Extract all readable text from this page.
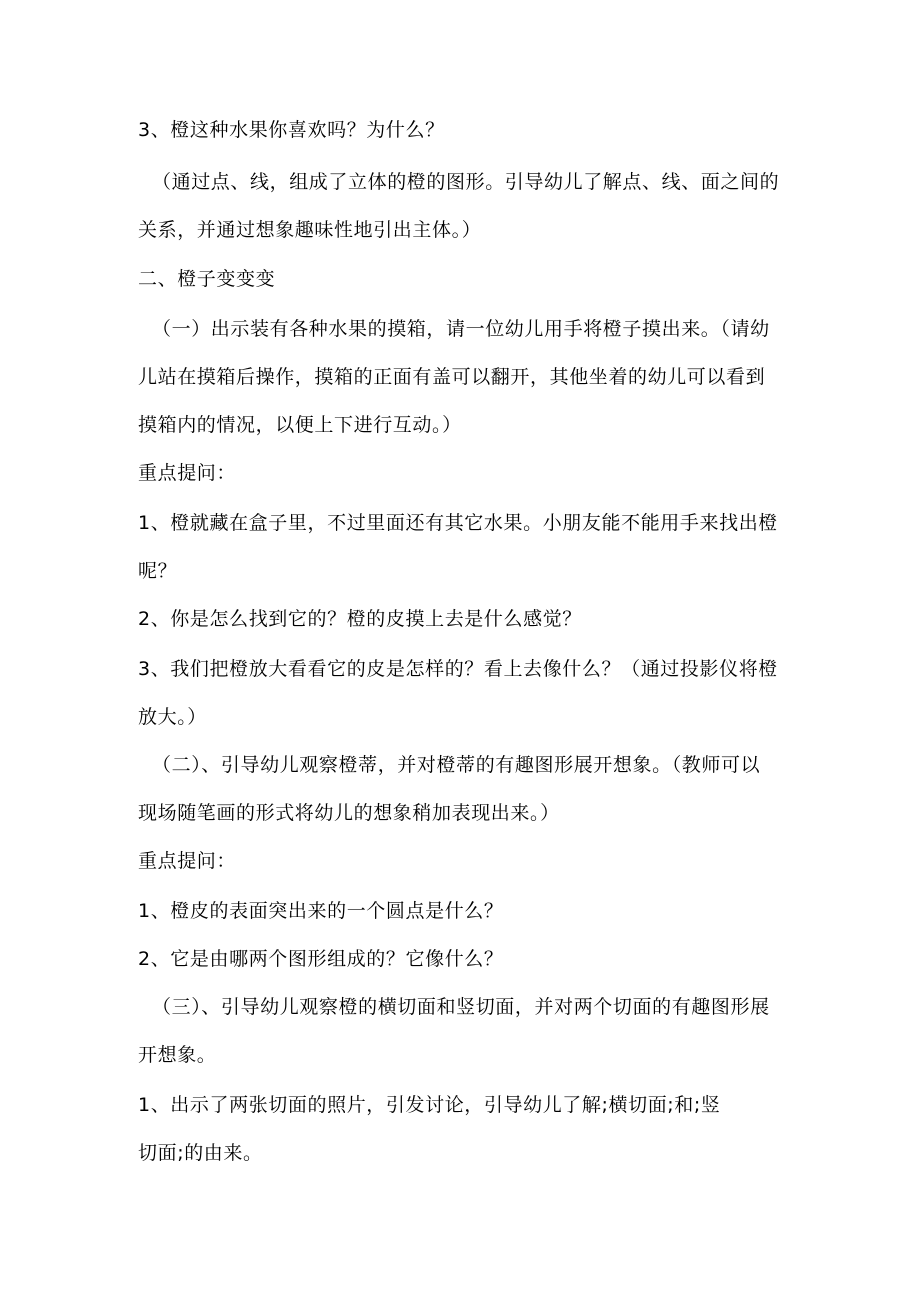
3、橙这种水果你喜欢吗？为什么？
（通过点、线，组成了立体的橙的图形。引导幼儿了解点、线、面之间的
关系，并通过想象趣味性地引出主体。）
二、橙子变变变
（一）出示装有各种水果的摸箱，请一位幼儿用手将橙子摸出来。（请幼
儿站在摸箱后操作，摸箱的正面有盖可以翻开，其他坐着的幼儿可以看到
摸箱内的情况，以便上下进行互动。）
重点提问：
1、橙就藏在盒子里，不过里面还有其它水果。小朋友能不能用手来找出橙
呢？
2、你是怎么找到它的？橙的皮摸上去是什么感觉？
3、我们把橙放大看看它的皮是怎样的？看上去像什么？（通过投影仪将橙
放大。）
（二）、引导幼儿观察橙蒂，并对橙蒂的有趣图形展开想象。（教师可以
现场随笔画的形式将幼儿的想象稍加表现出来。）
重点提问：
1、橙皮的表面突出来的一个圆点是什么？
2、它是由哪两个图形组成的？它像什么？
（三）、引导幼儿观察橙的横切面和竖切面，并对两个切面的有趣图形展
开想象。
1、出示了两张切面的照片，引发讨论，引导幼儿了解;横切面;和;竖
切面;的由来。
